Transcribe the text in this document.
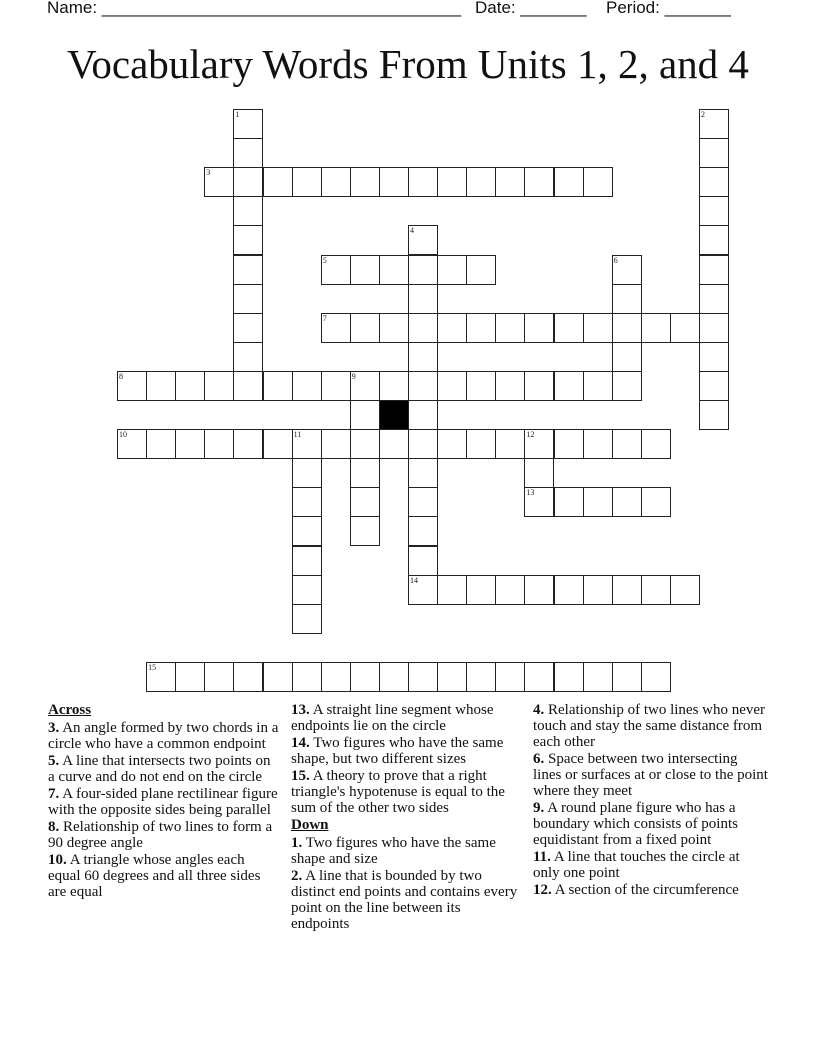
Name: ______________________________________ Date: _______ Period: _______
Vocabulary Words From Units 1, 2, and 4
1	2
3
4
14
5	6
7
8	9
10	11	12
13
15
Across
3. An angle formed by two chords in a circle who have a common endpoint
5. A line that intersects two points on a curve and do not end on the circle
7. A four-sided plane rectilinear figure with the opposite sides being parallel
8. Relationship of two lines to form a 90 degree angle
10. A triangle whose angles each equal 60 degrees and all three sides are equal
13. A straight line segment whose endpoints lie on the circle
14. Two figures who have the same shape, but two different sizes
15. A theory to prove that a right triangle's hypotenuse is equal to the sum of the other two sides
Down
1. Two figures who have the same shape and size
2. A line that is bounded by two distinct end points and contains every point on the line between its endpoints
4. Relationship of two lines who never touch and stay the same distance from each other
6. Space between two intersecting lines or surfaces at or close to the point where they meet
9. A round plane figure who has a boundary which consists of points equidistant from a fixed point
11. A line that touches the circle at only one point
12. A section of the circumference
